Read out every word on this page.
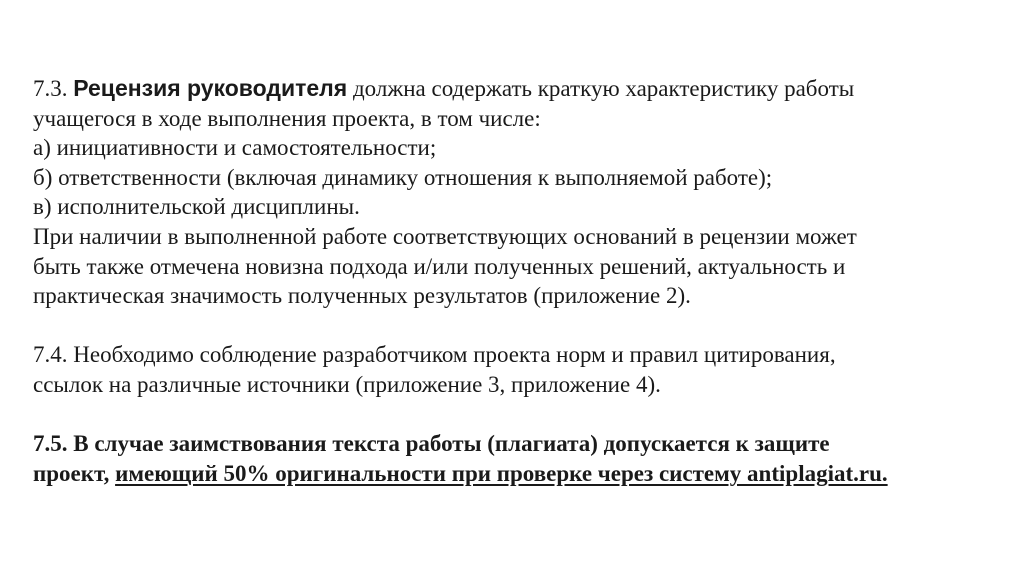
7.3. Рецензия руководителя должна содержать краткую характеристику работы
учащегося в ходе выполнения проекта, в том числе:
а) инициативности и самостоятельности;
б) ответственности (включая динамику отношения к выполняемой работе);
в) исполнительской дисциплины.
При наличии в выполненной работе соответствующих оснований в рецензии может
быть также отмечена новизна подхода и/или полученных решений, актуальность и
практическая значимость полученных результатов (приложение 2).
7.4. Необходимо соблюдение разработчиком проекта норм и правил цитирования,
ссылок на различные источники (приложение 3, приложение 4).
7.5. В случае заимствования текста работы (плагиата) допускается к защите
проект, имеющий 50% оригинальности при проверке через систему antiplagiat.ru.
